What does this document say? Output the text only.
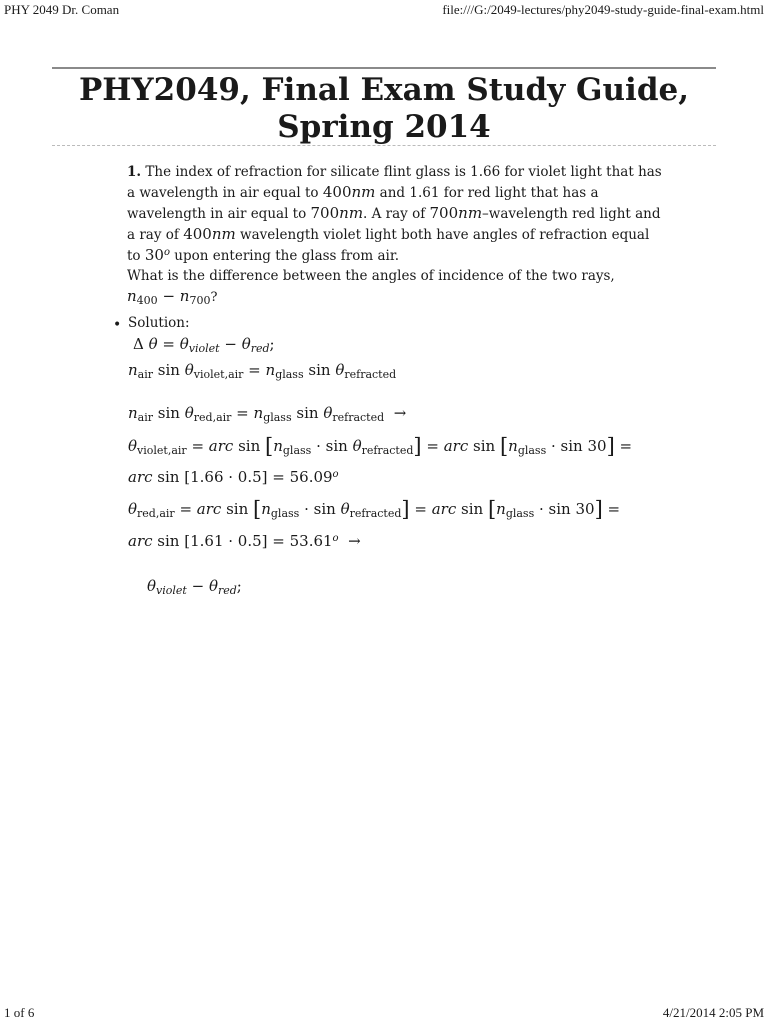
PHY 2049 Dr. Coman	file:///G:/2049-lectures/phy2049-study-guide-final-exam.html
PHY2049, Final Exam Study Guide,
Spring 2014

1. The index of refraction for silicate flint glass is 1.66 for violet light that has a wavelength in air equal to 400nm and 1.61 for red light that has a wavelength in air equal to 700nm. A ray of 700nm–wavelength red light and a ray of 400nm wavelength violet light both have angles of refraction equal to 30$^o$ upon entering the glass from air.

What is the difference between the angles of incidence of the two rays,

$n_{400} - n_{700}$?

• Solution:
Δ $\theta = \theta_{violet} - \theta_{red}$;
$n_{air}$ $\sin \theta_{violet,air} = n_{glass}$ $\sin \theta_{refracted}$
$n_{air}$ $\sin \theta_{red,air} = n_{glass}$ $\sin \theta_{refracted}$  →
$\theta_{violet,air}$ = arc $\sin [n_{glass} \cdot \sin \theta_{refracted}]$ = arc $\sin [n_{glass} \cdot \sin 30]$ =
arc $\sin [1.66 \cdot 0.5] = 56.09^o$
$\theta_{red,air}$ = arc $\sin [n_{glass} \cdot \sin \theta_{refracted}]$ = arc $\sin [n_{glass} \cdot \sin 30]$ =
arc $\sin [1.61 \cdot 0.5] = 53.61^o$  →
$\theta_{violet} - \theta_{red}$;
1 of 6	4/21/2014 2:05 PM
